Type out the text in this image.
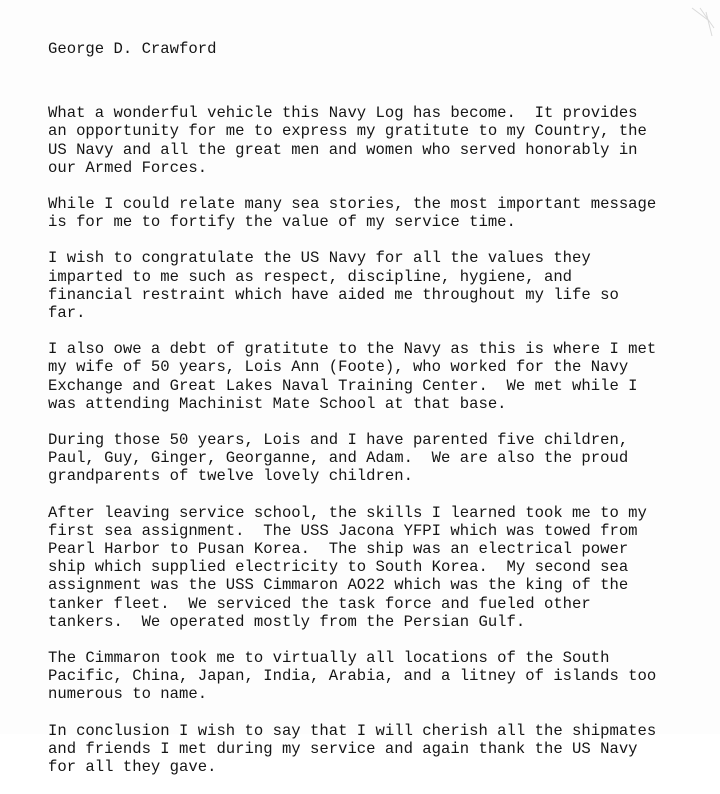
George D. Crawford
What a wonderful vehicle this Navy Log has become.  It provides
an opportunity for me to express my gratitute to my Country, the
US Navy and all the great men and women who served honorably in
our Armed Forces.
While I could relate many sea stories, the most important message
is for me to fortify the value of my service time.
I wish to congratulate the US Navy for all the values they
imparted to me such as respect, discipline, hygiene, and
financial restraint which have aided me throughout my life so
far.
I also owe a debt of gratitute to the Navy as this is where I met
my wife of 50 years, Lois Ann (Foote), who worked for the Navy
Exchange and Great Lakes Naval Training Center.  We met while I
was attending Machinist Mate School at that base.
During those 50 years, Lois and I have parented five children,
Paul, Guy, Ginger, Georganne, and Adam.  We are also the proud
grandparents of twelve lovely children.
After leaving service school, the skills I learned took me to my
first sea assignment.  The USS Jacona YFPI which was towed from
Pearl Harbor to Pusan Korea.  The ship was an electrical power
ship which supplied electricity to South Korea.  My second sea
assignment was the USS Cimmaron AO22 which was the king of the
tanker fleet.  We serviced the task force and fueled other
tankers.  We operated mostly from the Persian Gulf.
The Cimmaron took me to virtually all locations of the South
Pacific, China, Japan, India, Arabia, and a litney of islands too
numerous to name.
In conclusion I wish to say that I will cherish all the shipmates
and friends I met during my service and again thank the US Navy
for all they gave.
